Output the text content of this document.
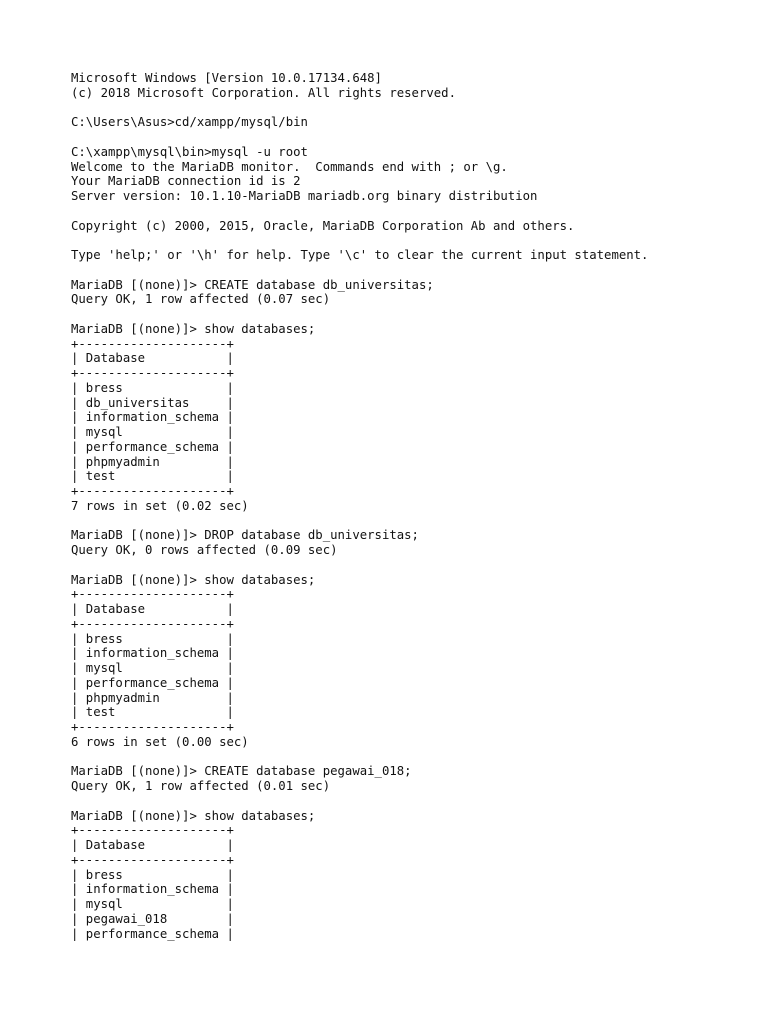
Microsoft Windows [Version 10.0.17134.648]
(c) 2018 Microsoft Corporation. All rights reserved.
C:\Users\Asus>cd/xampp/mysql/bin
C:\xampp\mysql\bin>mysql -u root
Welcome to the MariaDB monitor.  Commands end with ; or \g.
Your MariaDB connection id is 2
Server version: 10.1.10-MariaDB mariadb.org binary distribution
Copyright (c) 2000, 2015, Oracle, MariaDB Corporation Ab and others.
Type 'help;' or '\h' for help. Type '\c' to clear the current input statement.
MariaDB [(none)]> CREATE database db_universitas;
Query OK, 1 row affected (0.07 sec)
MariaDB [(none)]> show databases;
+--------------------+
| Database           |
+--------------------+
| bress              |
| db_universitas     |
| information_schema |
| mysql              |
| performance_schema |
| phpmyadmin         |
| test               |
+--------------------+
7 rows in set (0.02 sec)
MariaDB [(none)]> DROP database db_universitas;
Query OK, 0 rows affected (0.09 sec)
MariaDB [(none)]> show databases;
+--------------------+
| Database           |
+--------------------+
| bress              |
| information_schema |
| mysql              |
| performance_schema |
| phpmyadmin         |
| test               |
+--------------------+
6 rows in set (0.00 sec)
MariaDB [(none)]> CREATE database pegawai_018;
Query OK, 1 row affected (0.01 sec)
MariaDB [(none)]> show databases;
+--------------------+
| Database           |
+--------------------+
| bress              |
| information_schema |
| mysql              |
| pegawai_018        |
| performance_schema |
